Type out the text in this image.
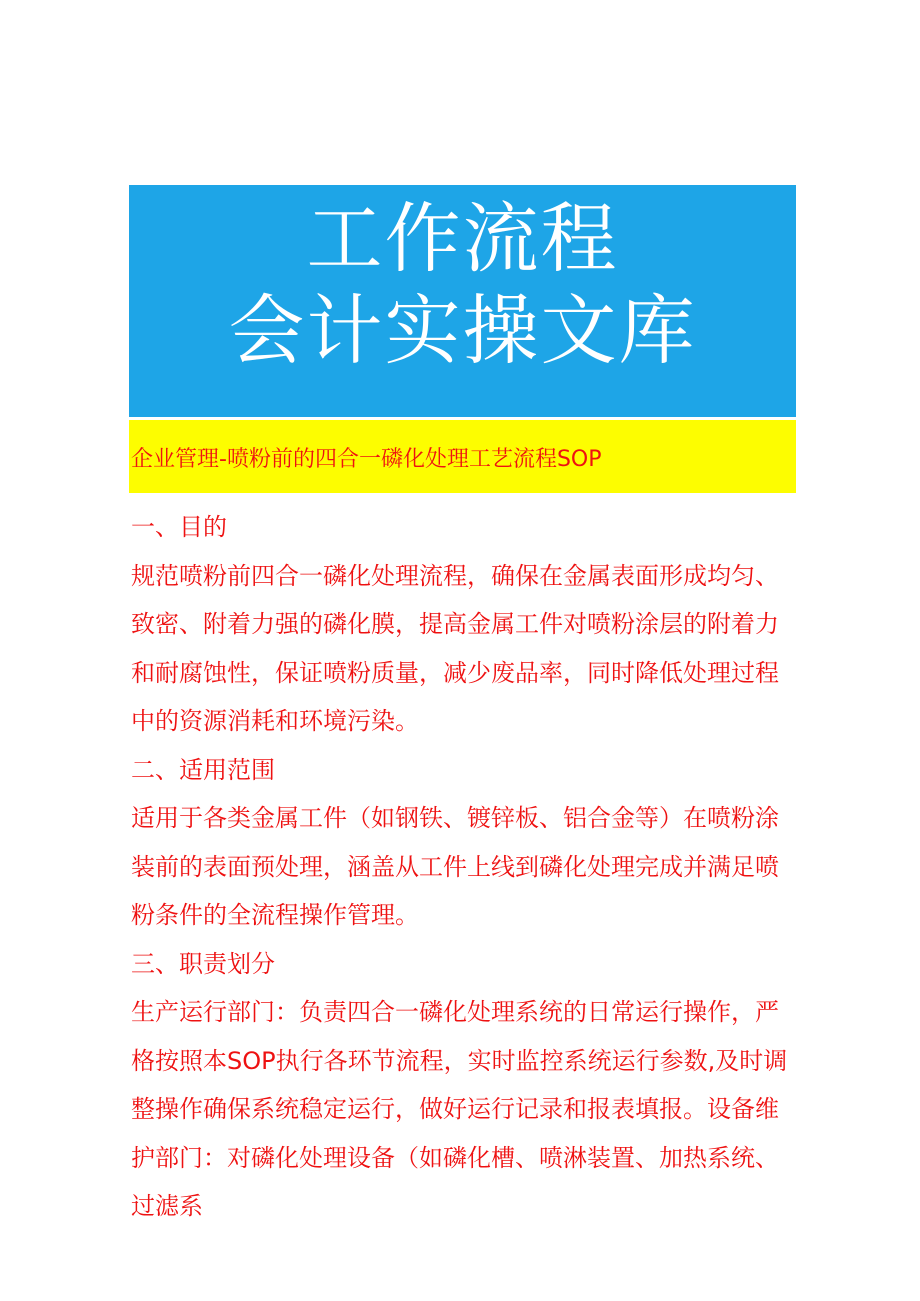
工作流程
会计实操文库
企业管理-喷粉前的四合一磷化处理工艺流程SOP

一、目的

规范喷粉前四合一磷化处理流程，确保在金属表面形成均匀、致密、附着力强的磷化膜，提高金属工件对喷粉涂层的附着力和耐腐蚀性，保证喷粉质量，减少废品率，同时降低处理过程中的资源消耗和环境污染。

二、适用范围

适用于各类金属工件（如钢铁、镀锌板、铝合金等）在喷粉涂装前的表面预处理，涵盖从工件上线到磷化处理完成并满足喷粉条件的全流程操作管理。

三、职责划分

生产运行部门：负责四合一磷化处理系统的日常运行操作，严格按照本SOP执行各环节流程，实时监控系统运行参数,及时调整操作确保系统稳定运行，做好运行记录和报表填报。设备维护部门：对磷化处理设备（如磷化槽、喷淋装置、加热系统、过滤系
